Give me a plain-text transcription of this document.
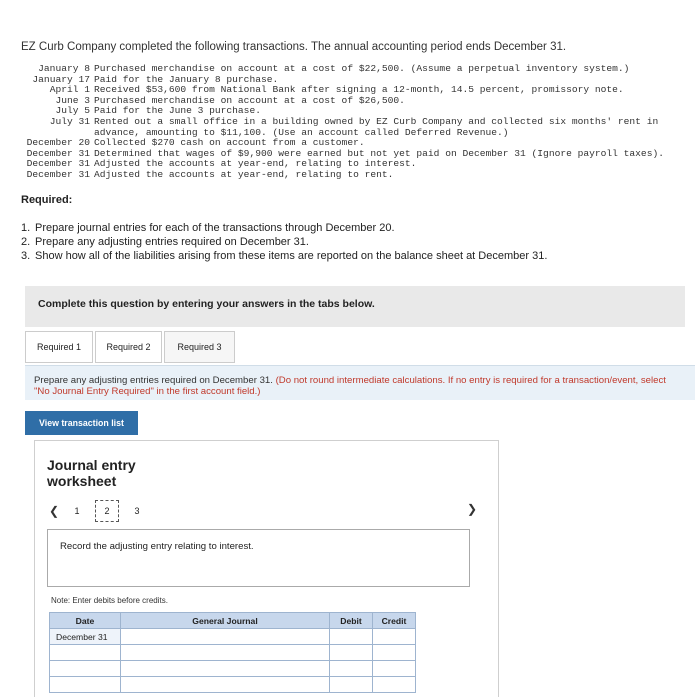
EZ Curb Company completed the following transactions. The annual accounting period ends December 31.
January 8 Purchased merchandise on account at a cost of $22,500. (Assume a perpetual inventory system.)
January 17 Paid for the January 8 purchase.
April 1 Received $53,600 from National Bank after signing a 12-month, 14.5 percent, promissory note.
June 3 Purchased merchandise on account at a cost of $26,500.
July 5 Paid for the June 3 purchase.
July 31 Rented out a small office in a building owned by EZ Curb Company and collected six months' rent in advance, amounting to $11,100. (Use an account called Deferred Revenue.)
December 20 Collected $270 cash on account from a customer.
December 31 Determined that wages of $9,900 were earned but not yet paid on December 31 (Ignore payroll taxes).
December 31 Adjusted the accounts at year-end, relating to interest.
December 31 Adjusted the accounts at year-end, relating to rent.
Required:
1. Prepare journal entries for each of the transactions through December 20.
2. Prepare any adjusting entries required on December 31.
3. Show how all of the liabilities arising from these items are reported on the balance sheet at December 31.
Complete this question by entering your answers in the tabs below.
Required 1	Required 2	Required 3
Prepare any adjusting entries required on December 31. (Do not round intermediate calculations. If no entry is required for a transaction/event, select "No Journal Entry Required" in the first account field.)
View transaction list
Journal entry worksheet
❮	1	2	3	❯
Record the adjusting entry relating to interest.
Note: Enter debits before credits.
Date	General Journal	Debit	Credit
December 31			
